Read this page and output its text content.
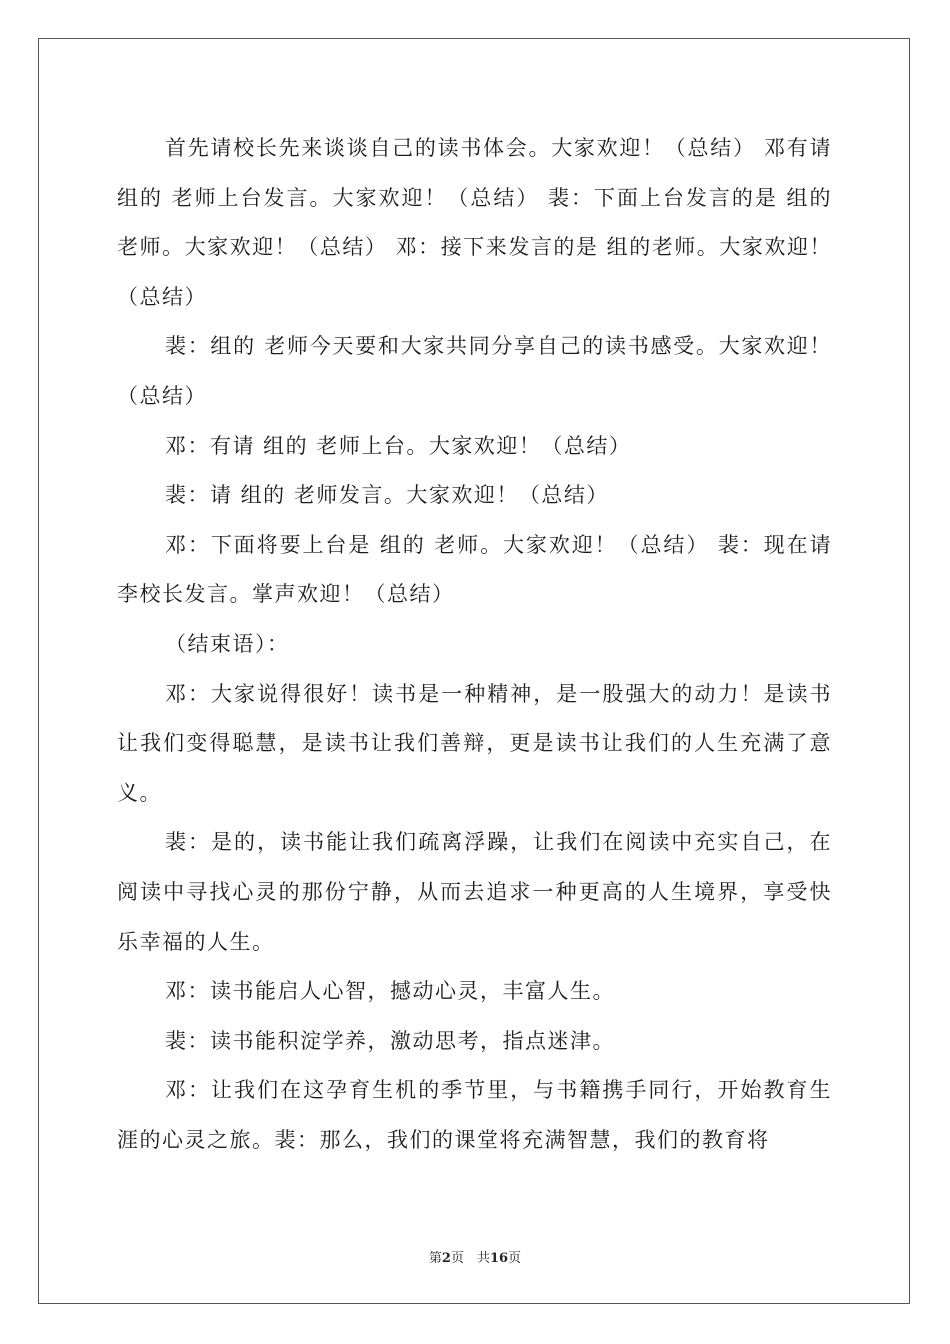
首先请校长先来谈谈自己的读书体会。大家欢迎！（总结） 邓有请 组的 老师上台发言。大家欢迎！（总结） 裴：下面上台发言的是 组的 老师。大家欢迎！（总结） 邓：接下来发言的是 组的老师。大家欢迎！（总结）

裴：组的 老师今天要和大家共同分享自己的读书感受。大家欢迎！（总结）

邓：有请 组的 老师上台。大家欢迎！（总结）

裴：请 组的 老师发言。大家欢迎！（总结）

邓：下面将要上台是 组的 老师。大家欢迎！（总结） 裴：现在请李校长发言。掌声欢迎！（总结）

（结束语）：

邓：大家说得很好！读书是一种精神，是一股强大的动力！是读书让我们变得聪慧，是读书让我们善辩，更是读书让我们的人生充满了意义。

裴：是的，读书能让我们疏离浮躁，让我们在阅读中充实自己，在阅读中寻找心灵的那份宁静，从而去追求一种更高的人生境界，享受快乐幸福的人生。

邓：读书能启人心智，撼动心灵，丰富人生。

裴：读书能积淀学养，激动思考，指点迷津。

邓：让我们在这孕育生机的季节里，与书籍携手同行，开始教育生涯的心灵之旅。裴：那么，我们的课堂将充满智慧，我们的教育将

第2页　共16页
